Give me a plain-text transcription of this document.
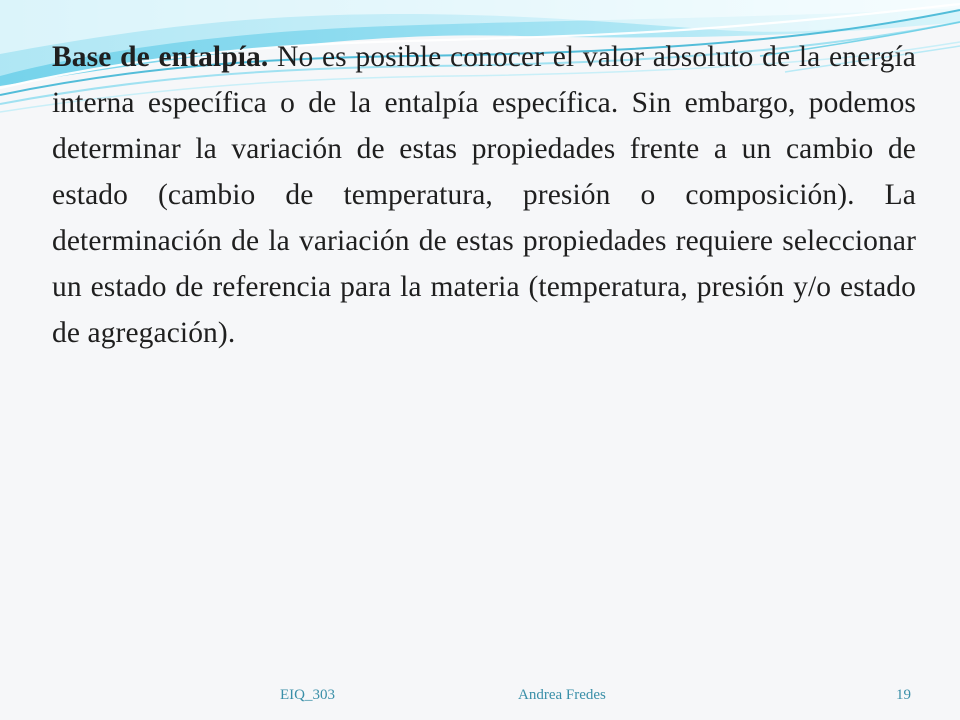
Base de entalpía. No es posible conocer el valor absoluto de la energía interna específica o de la entalpía específica. Sin embargo, podemos determinar la variación de estas propiedades frente a un cambio de estado (cambio de temperatura, presión o composición). La determinación de la variación de estas propiedades requiere seleccionar un estado de referencia para la materia (temperatura, presión y/o estado de agregación).
EIQ_303	Andrea Fredes	19
